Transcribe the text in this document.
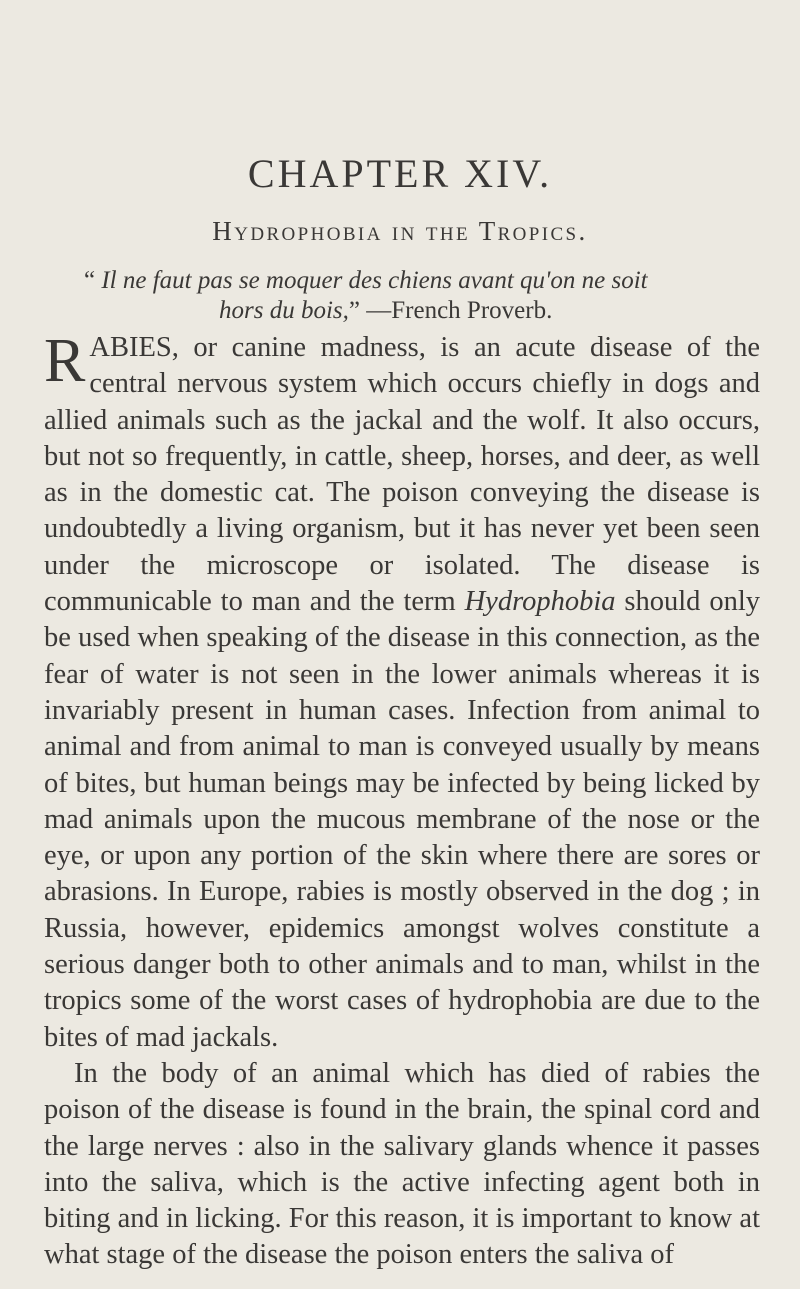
CHAPTER XIV.
Hydrophobia in the Tropics.
“ Il ne faut pas se moquer des chiens avant qu'on ne soit
hors du bois,” —French Proverb.

RABIES, or canine madness, is an acute disease of the central nervous system which occurs chiefly in dogs and allied animals such as the jackal and the wolf. It also occurs, but not so frequently, in cattle, sheep, horses, and deer, as well as in the domestic cat. The poison conveying the disease is undoubtedly a living organism, but it has never yet been seen under the microscope or isolated. The disease is communicable to man and the term Hydrophobia should only be used when speaking of the disease in this connection, as the fear of water is not seen in the lower animals whereas it is invariably present in human cases. Infection from animal to animal and from animal to man is conveyed usually by means of bites, but human beings may be infected by being licked by mad animals upon the mucous membrane of the nose or the eye, or upon any portion of the skin where there are sores or abrasions. In Europe, rabies is mostly observed in the dog ; in Russia, however, epidemics amongst wolves constitute a serious danger both to other animals and to man, whilst in the tropics some of the worst cases of hydrophobia are due to the bites of mad jackals.

In the body of an animal which has died of rabies the poison of the disease is found in the brain, the spinal cord and the large nerves : also in the salivary glands whence it passes into the saliva, which is the active infecting agent both in biting and in licking. For this reason, it is important to know at what stage of the disease the poison enters the saliva of
